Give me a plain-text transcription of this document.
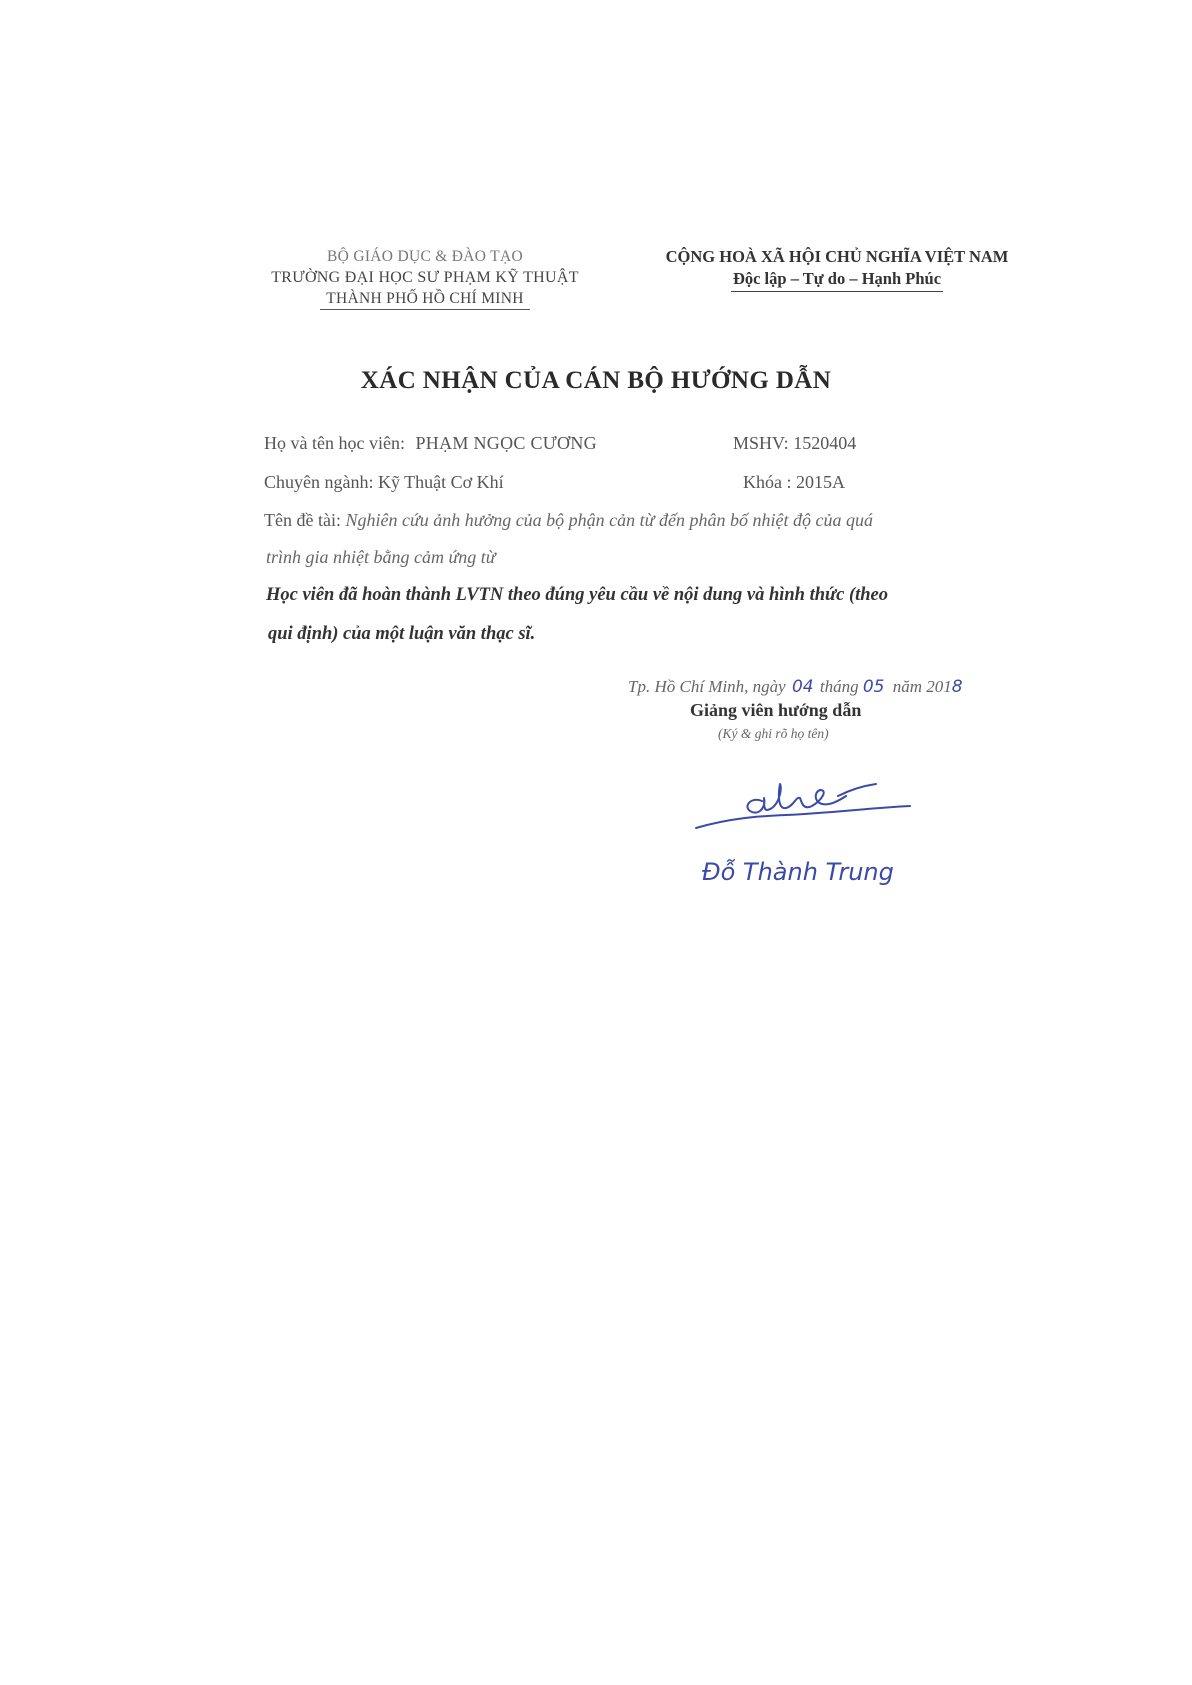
BỘ GIÁO DỤC & ĐÀO TẠO
TRƯỜNG ĐẠI HỌC SƯ PHẠM KỸ THUẬT
THÀNH PHỐ HỒ CHÍ MINH
CỘNG HOÀ XÃ HỘI CHỦ NGHĨA VIỆT NAM
Độc lập – Tự do – Hạnh Phúc
XÁC NHẬN CỦA CÁN BỘ HƯỚNG DẪN
Họ và tên học viên: PHẠM NGỌC CƯƠNG	MSHV: 1520404
Chuyên ngành: Kỹ Thuật Cơ Khí	Khóa : 2015A
Tên đề tài: Nghiên cứu ảnh hưởng của bộ phận cản từ đến phân bố nhiệt độ của quá
trình gia nhiệt bằng cảm ứng từ
Học viên đã hoàn thành LVTN theo đúng yêu cầu về nội dung và hình thức (theo
qui định) của một luận văn thạc sĩ.
Tp. Hồ Chí Minh, ngày 04 tháng 05 năm 2018
Giảng viên hướng dẫn
(Ký & ghi rõ họ tên)
Đỗ Thành Trung
